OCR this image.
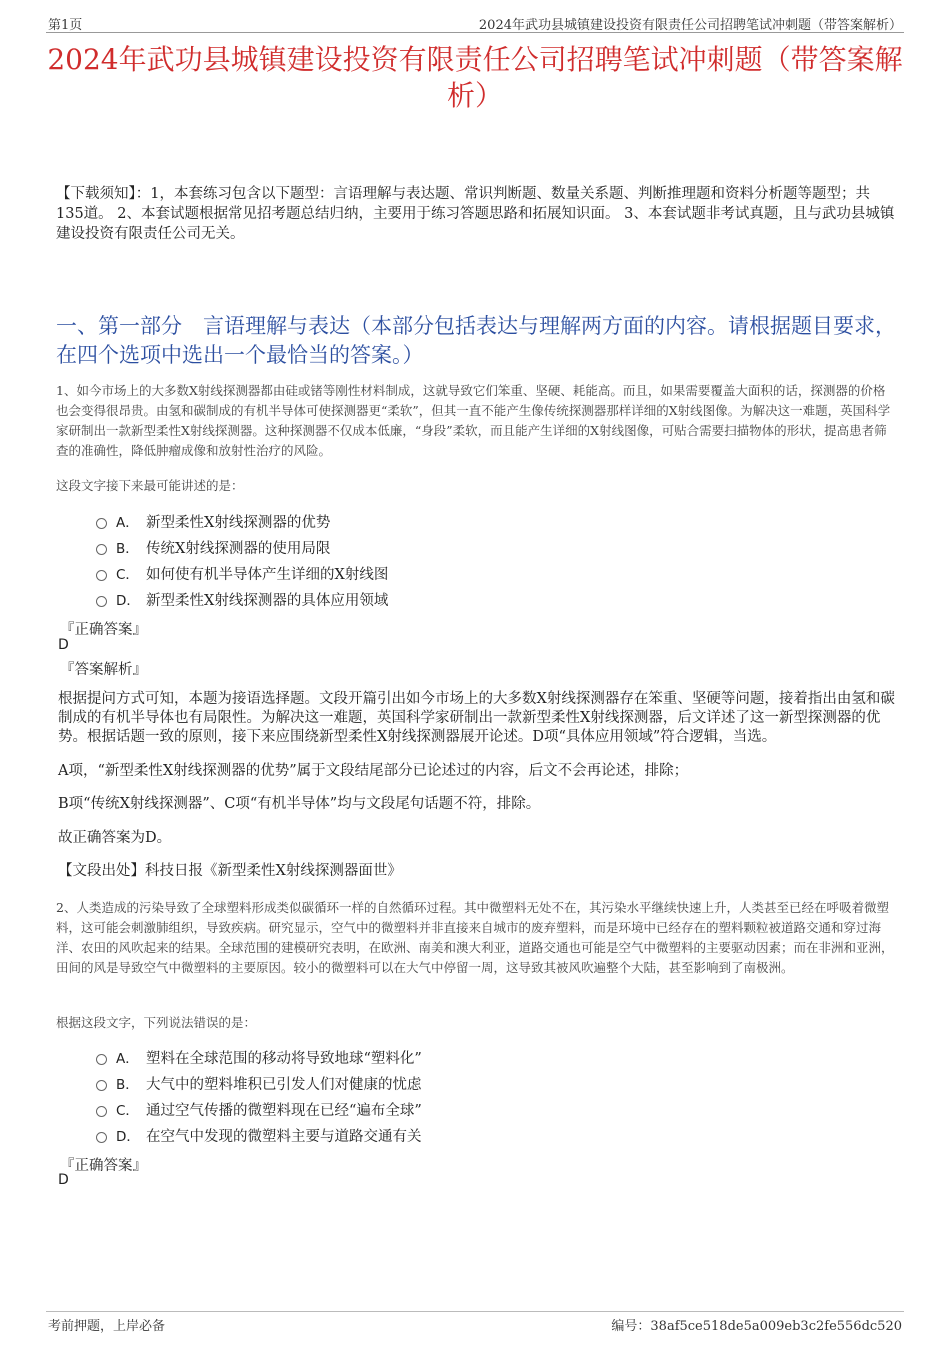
第1页	2024年武功县城镇建设投资有限责任公司招聘笔试冲刺题（带答案解析）
2024年武功县城镇建设投资有限责任公司招聘笔试冲刺题（带答案解析）
【下载须知】：1，本套练习包含以下题型：言语理解与表达题、常识判断题、数量关系题、判断推理题和资料分析题等题型；共135道。 2、本套试题根据常见招考题总结归纳，主要用于练习答题思路和拓展知识面。 3、本套试题非考试真题，且与武功县城镇建设投资有限责任公司无关。
一、第一部分　言语理解与表达（本部分包括表达与理解两方面的内容。请根据题目要求，在四个选项中选出一个最恰当的答案。）
1、如今市场上的大多数X射线探测器都由硅或锗等刚性材料制成，这就导致它们笨重、坚硬、耗能高。而且，如果需要覆盖大面积的话，探测器的价格也会变得很昂贵。由氢和碳制成的有机半导体可使探测器更“柔软”，但其一直不能产生像传统探测器那样详细的X射线图像。为解决这一难题，英国科学家研制出一款新型柔性X射线探测器。这种探测器不仅成本低廉，“身段”柔软，而且能产生详细的X射线图像，可贴合需要扫描物体的形状，提高患者筛查的准确性，降低肿瘤成像和放射性治疗的风险。
这段文字接下来最可能讲述的是：
A． 新型柔性X射线探测器的优势
B． 传统X射线探测器的使用局限
C． 如何使有机半导体产生详细的X射线图
D． 新型柔性X射线探测器的具体应用领域
『正确答案』
D
『答案解析』
根据提问方式可知，本题为接语选择题。文段开篇引出如今市场上的大多数X射线探测器存在笨重、坚硬等问题，接着指出由氢和碳制成的有机半导体也有局限性。为解决这一难题，英国科学家研制出一款新型柔性X射线探测器，后文详述了这一新型探测器的优势。根据话题一致的原则，接下来应围绕新型柔性X射线探测器展开论述。D项“具体应用领域”符合逻辑，当选。
A项，“新型柔性X射线探测器的优势”属于文段结尾部分已论述过的内容，后文不会再论述，排除；
B项“传统X射线探测器”、C项“有机半导体”均与文段尾句话题不符，排除。
故正确答案为D。
【文段出处】科技日报《新型柔性X射线探测器面世》
2、人类造成的污染导致了全球塑料形成类似碳循环一样的自然循环过程。其中微塑料无处不在，其污染水平继续快速上升，人类甚至已经在呼吸着微塑料，这可能会刺激肺组织，导致疾病。研究显示，空气中的微塑料并非直接来自城市的废弃塑料，而是环境中已经存在的塑料颗粒被道路交通和穿过海洋、农田的风吹起来的结果。全球范围的建模研究表明，在欧洲、南美和澳大利亚，道路交通也可能是空气中微塑料的主要驱动因素；而在非洲和亚洲，田间的风是导致空气中微塑料的主要原因。较小的微塑料可以在大气中停留一周，这导致其被风吹遍整个大陆，甚至影响到了南极洲。
根据这段文字，下列说法错误的是：
A． 塑料在全球范围的移动将导致地球“塑料化”
B． 大气中的塑料堆积已引发人们对健康的忧虑
C． 通过空气传播的微塑料现在已经“遍布全球”
D． 在空气中发现的微塑料主要与道路交通有关
『正确答案』
D
考前押题，上岸必备	编号：38af5ce518de5a009eb3c2fe556dc520
